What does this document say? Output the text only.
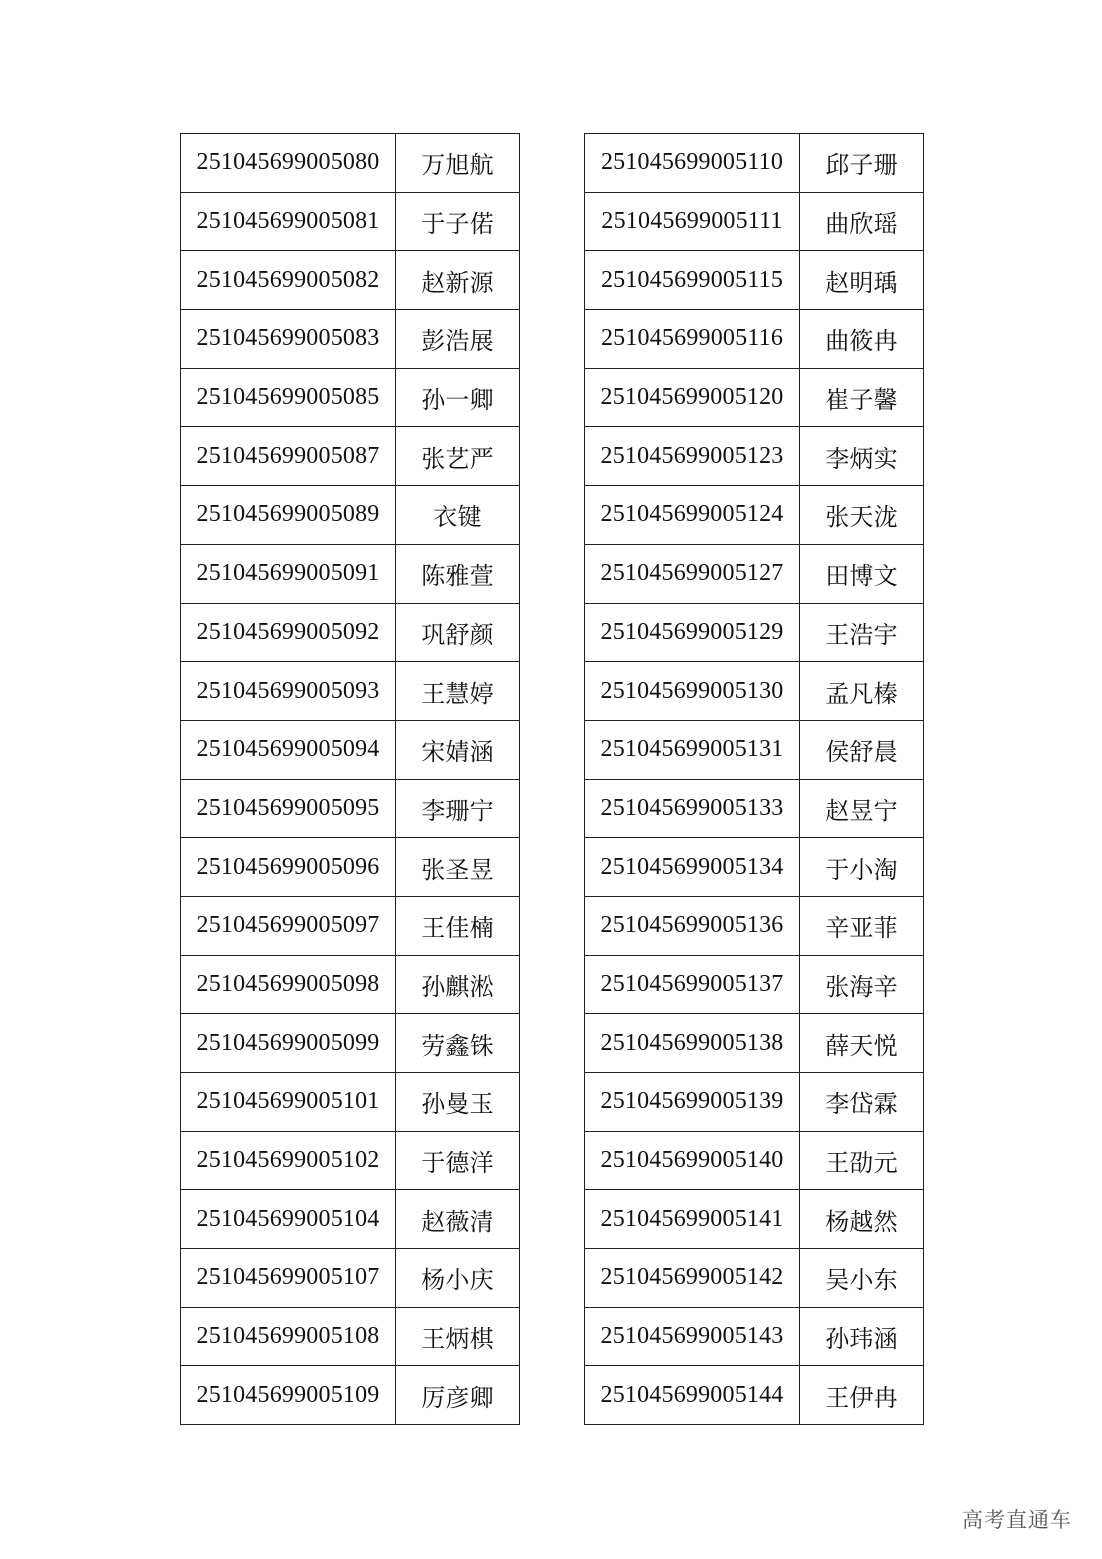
251045699005080	万旭航
251045699005081	于子偌
251045699005082	赵新源
251045699005083	彭浩展
251045699005085	孙一卿
251045699005087	张艺严
251045699005089	衣键
251045699005091	陈雅萱
251045699005092	巩舒颜
251045699005093	王慧婷
251045699005094	宋婧涵
251045699005095	李珊宁
251045699005096	张圣昱
251045699005097	王佳楠
251045699005098	孙麒淞
251045699005099	劳鑫铢
251045699005101	孙曼玉
251045699005102	于德洋
251045699005104	赵薇清
251045699005107	杨小庆
251045699005108	王炳棋
251045699005109	厉彦卿
251045699005110	邱子珊
251045699005111	曲欣瑶
251045699005115	赵明瑀
251045699005116	曲筱冉
251045699005120	崔子馨
251045699005123	李炳实
251045699005124	张天泷
251045699005127	田博文
251045699005129	王浩宇
251045699005130	孟凡榛
251045699005131	侯舒晨
251045699005133	赵昱宁
251045699005134	于小淘
251045699005136	辛亚菲
251045699005137	张海辛
251045699005138	薛天悦
251045699005139	李岱霖
251045699005140	王劭元
251045699005141	杨越然
251045699005142	吴小东
251045699005143	孙玮涵
251045699005144	王伊冉
高考直通车
